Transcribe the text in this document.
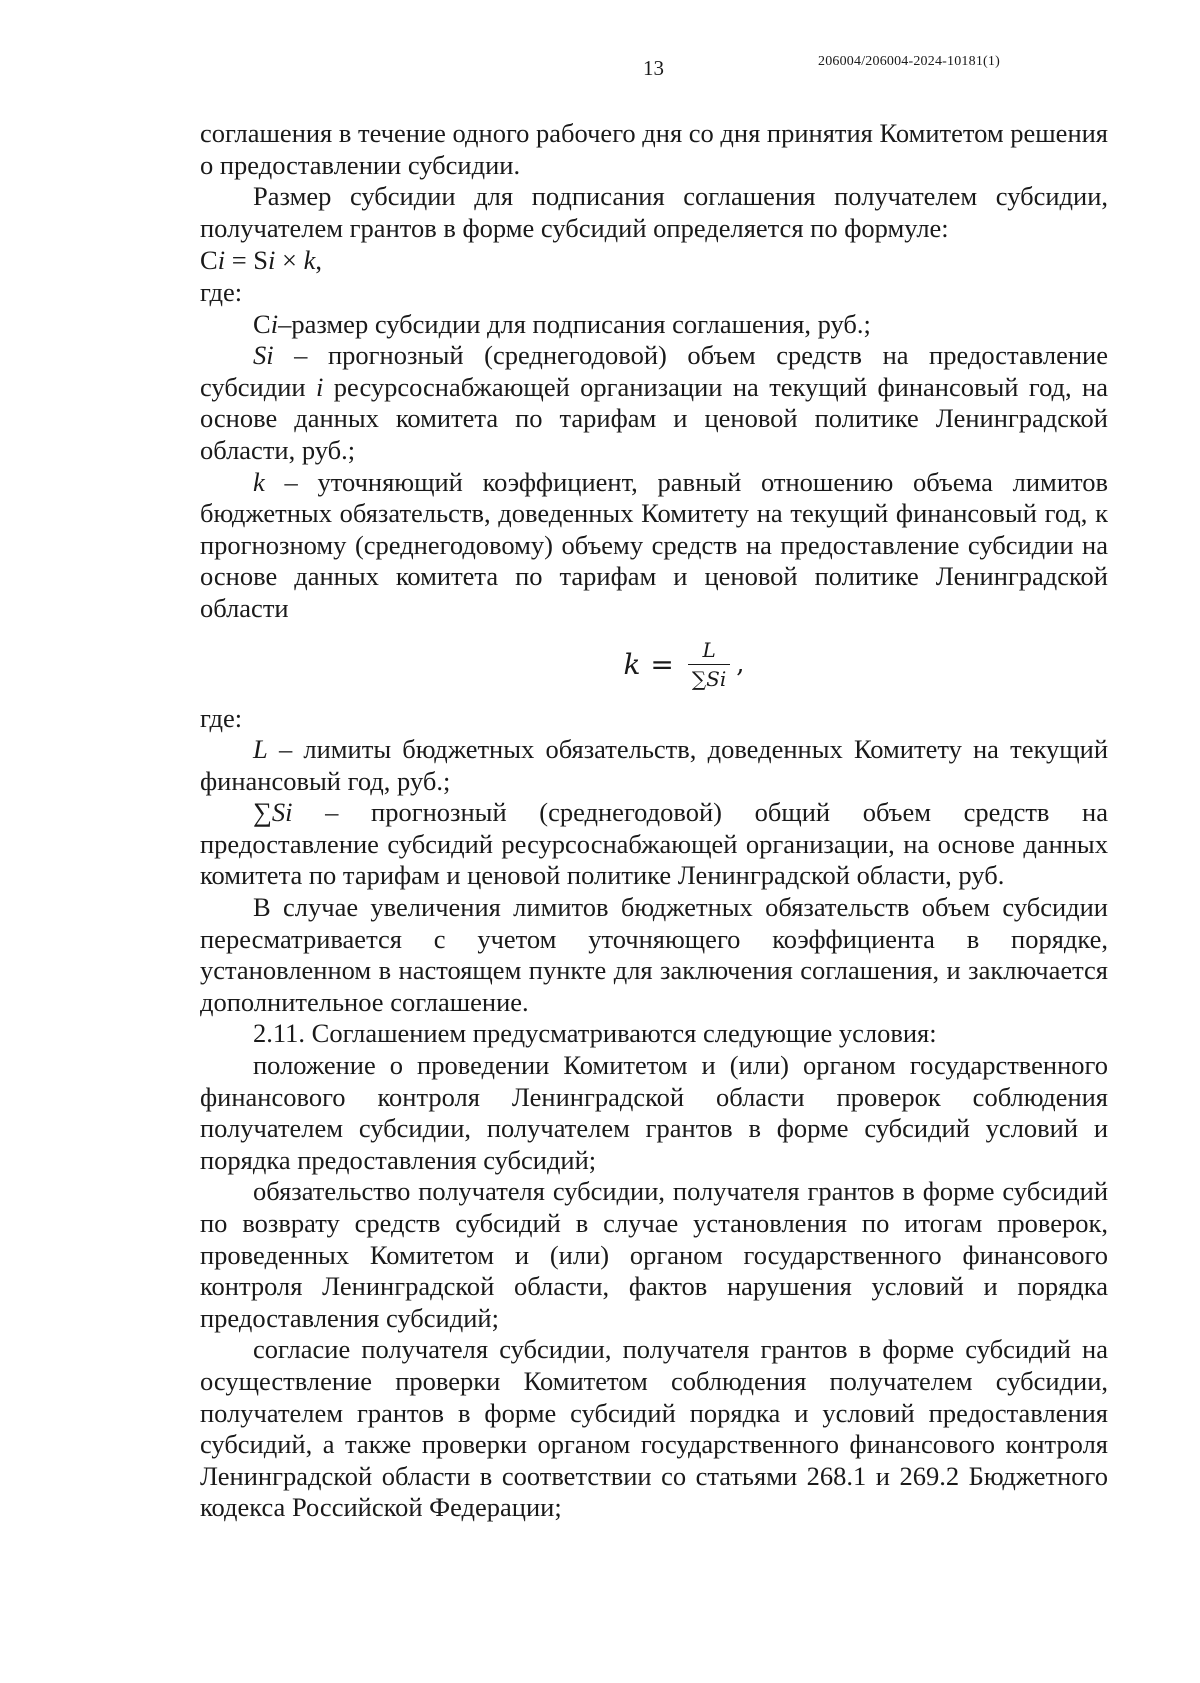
13	206004/206004-2024-10181(1)

соглашения в течение одного рабочего дня со дня принятия Комитетом решения о предоставлении субсидии.

Размер субсидии для подписания соглашения получателем субсидии, получателем грантов в форме субсидий определяется по формуле:

Сi = Si × k,

где:

Сi–размер субсидии для подписания соглашения, руб.;

Si – прогнозный (среднегодовой) объем средств на предоставление субсидии i ресурсоснабжающей организации на текущий финансовый год, на основе данных комитета по тарифам и ценовой политике Ленинградской области, руб.;

k – уточняющий коэффициент, равный отношению объема лимитов бюджетных обязательств, доведенных Комитету на текущий финансовый год, к прогнозному (среднегодовому) объему средств на предоставление субсидии на основе данных комитета по тарифам и ценовой политике Ленинградской области

$k = \frac{L}{\sum Si}$ ,

где:

L – лимиты бюджетных обязательств, доведенных Комитету на текущий финансовый год, руб.;

∑Si – прогнозный (среднегодовой) общий объем средств на предоставление субсидий ресурсоснабжающей организации, на основе данных комитета по тарифам и ценовой политике Ленинградской области, руб.

В случае увеличения лимитов бюджетных обязательств объем субсидии пересматривается с учетом уточняющего коэффициента в порядке, установленном в настоящем пункте для заключения соглашения, и заключается дополнительное соглашение.

2.11. Соглашением предусматриваются следующие условия:

положение о проведении Комитетом и (или) органом государственного финансового контроля Ленинградской области проверок соблюдения получателем субсидии, получателем грантов в форме субсидий условий и порядка предоставления субсидий;

обязательство получателя субсидии, получателя грантов в форме субсидий по возврату средств субсидий в случае установления по итогам проверок, проведенных Комитетом и (или) органом государственного финансового контроля Ленинградской области, фактов нарушения условий и порядка предоставления субсидий;

согласие получателя субсидии, получателя грантов в форме субсидий на осуществление проверки Комитетом соблюдения получателем субсидии, получателем грантов в форме субсидий порядка и условий предоставления субсидий, а также проверки органом государственного финансового контроля Ленинградской области в соответствии со статьями 268.1 и 269.2 Бюджетного кодекса Российской Федерации;
